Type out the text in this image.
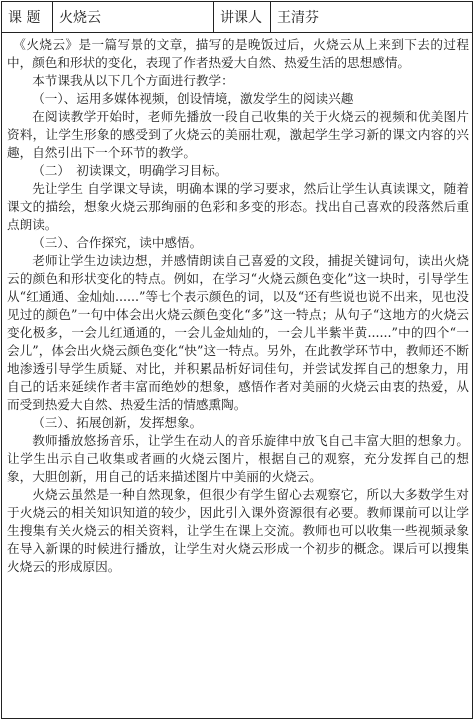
课 题	火烧云	讲课人	王清芬

《火烧云》是一篇写景的文章，描写的是晚饭过后，火烧云从上来到下去的过程中，颜色和形状的变化，表现了作者热爱大自然、热爱生活的思想感情。

本节课我从以下几个方面进行教学：

（一）、运用多媒体视频，创设情境，激发学生的阅读兴趣

在阅读教学开始时，老师先播放一段自己收集的关于火烧云的视频和优美图片资料，让学生形象的感受到了火烧云的美丽壮观，激起学生学习新的课文内容的兴趣，自然引出下一个环节的教学。

（二）　初读课文，明确学习目标。

先让学生 自学课文导读，明确本课的学习要求，然后让学生认真读课文，随着课文的描绘，想象火烧云那绚丽的色彩和多变的形态。找出自己喜欢的段落然后重点朗读。

（三）、合作探究，读中感悟。

老师让学生边读边想，并感情朗读自己喜爱的文段，捕捉关键词句，读出火烧云的颜色和形状变化的特点。例如，在学习“火烧云颜色变化”这一块时，引导学生从“红通通、金灿灿......”等七个表示颜色的词，以及“还有些说也说不出来，见也没见过的颜色”一句中体会出火烧云颜色变化“多”这一特点；从句子“这地方的火烧云变化极多，一会儿红通通的，一会儿金灿灿的，一会儿半紫半黄......”中的四个“一会儿”，体会出火烧云颜色变化“快”这一特点。另外，在此教学环节中，教师还不断地渗透引导学生质疑、对比，并积累品析好词佳句，并尝试发挥自己的想象力，用自己的话来延续作者丰富而绝妙的想象，感悟作者对美丽的火烧云由衷的热爱，从而受到热爱大自然、热爱生活的情感熏陶。

（三）、拓展创新，发挥想象。

教师播放悠扬音乐，让学生在动人的音乐旋律中放飞自己丰富大胆的想象力。让学生出示自己收集或者画的火烧云图片，根据自己的观察，充分发挥自己的想象，大胆创新，用自己的话来描述图片中美丽的火烧云。

火烧云虽然是一种自然现象，但很少有学生留心去观察它，所以大多数学生对于火烧云的相关知识知道的较少，因此引入课外资源很有必要。教师课前可以让学生搜集有关火烧云的相关资料，让学生在课上交流。教师也可以收集一些视频录象在导入新课的时候进行播放，让学生对火烧云形成一个初步的概念。课后可以搜集火烧云的形成原因。
